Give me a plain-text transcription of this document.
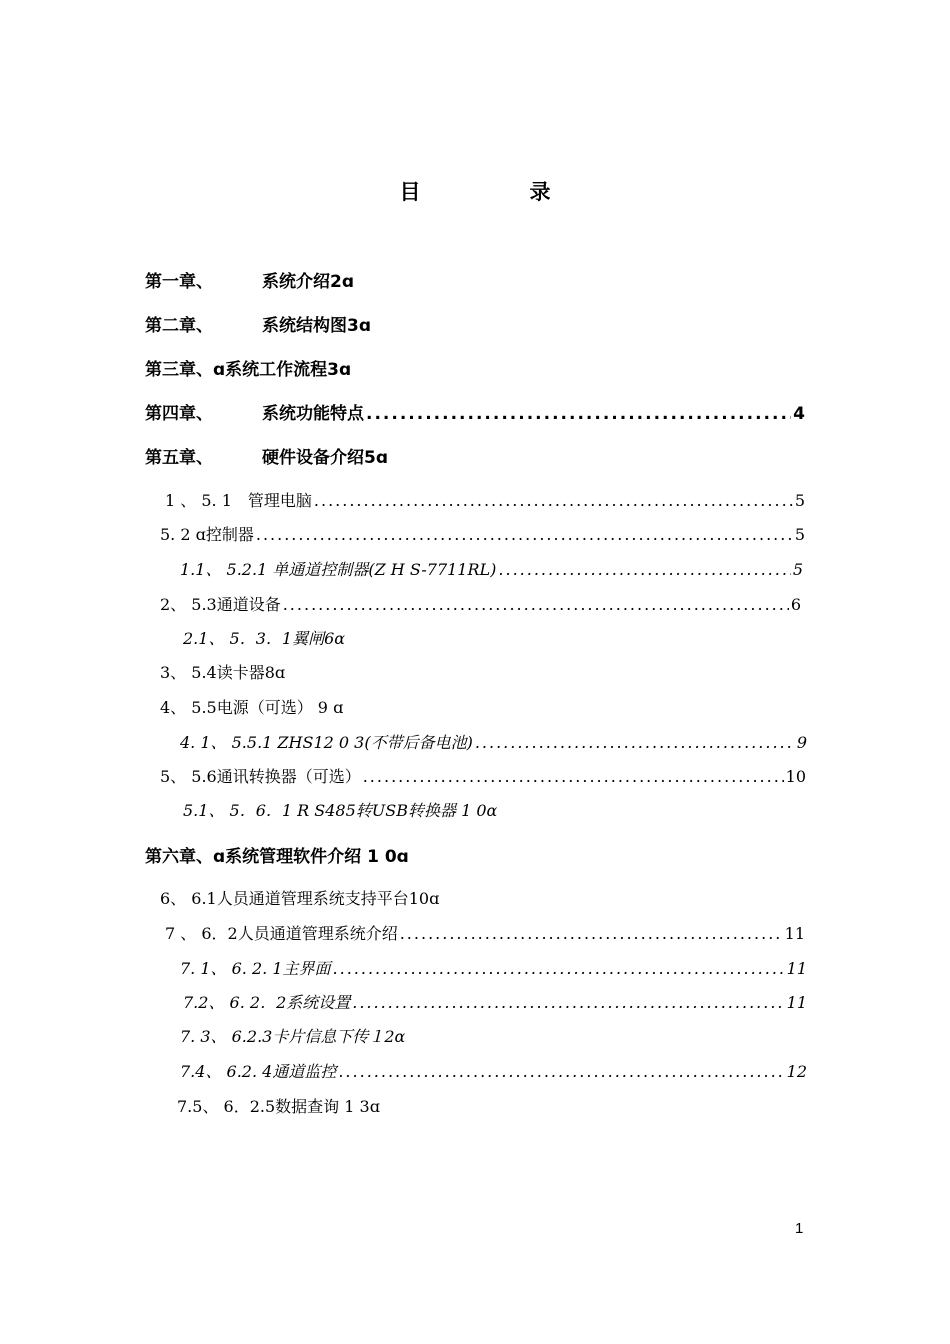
目　录
第一章、	系统介绍2ɑ
第二章、	系统结构图3ɑ
第三章、ɑ系统工作流程3ɑ
第四章、	系统功能特点 .....	4
第五章、	硬件设备介绍5ɑ
1 、 5. 1　管理电脑 .....	5
5. 2 ɑ控制器 .....	5
1.1、 5.2.1 单通道控制器(Z H S-7711RL) .....	5
2、 5.3通道设备 .....	6
2.1、 5．3．1翼闸6ɑ
3、 5.4读卡器8ɑ
4、 5.5电源（可选） 9 ɑ
4. 1、 5.5.1 ZHS12 0 3(不带后备电池) .....	9
5、 5.6通讯转换器（可选） .....	10
5.1、 5．6．1 R S485转USB转换器 1 0ɑ
第六章、ɑ系统管理软件介绍 1 0ɑ
6、 6.1人员通道管理系统支持平台10ɑ
7 、 6．2人员通道管理系统介绍 .....	11
7. 1、 6. 2. 1主界面 .....	11
7.2、 6. 2．2系统设置 .....	11
7. 3、 6.2.3卡片信息下传１2ɑ
7.4、 6.2. 4通道监控 .....	12
7.5、 6．2.5数据查询 1 3ɑ
1
